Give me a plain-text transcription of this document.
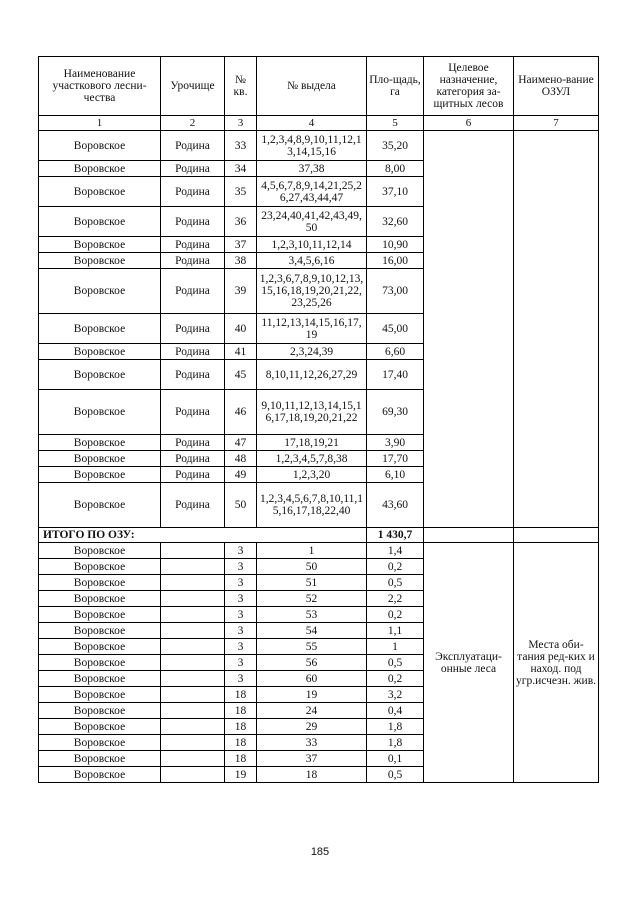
Наименование участкового лесни-чества	Урочище	№ кв.	№ выдела	Пло-щадь, га	Целевое назначение, категория за-щитных лесов	Наимено-вание ОЗУЛ
1	2	3	4	5	6	7
Воровское	Родина	33	1,2,3,4,8,9,10,11,12,13,14,15,16	35,20		
Воровское	Родина	34	37,38	8,00		
Воровское	Родина	35	4,5,6,7,8,9,14,21,25,26,27,43,44,47	37,10		
Воровское	Родина	36	23,24,40,41,42,43,49,50	32,60		
Воровское	Родина	37	1,2,3,10,11,12,14	10,90		
Воровское	Родина	38	3,4,5,6,16	16,00		
Воровское	Родина	39	1,2,3,6,7,8,9,10,12,13,15,16,18,19,20,21,22,23,25,26	73,00		
Воровское	Родина	40	11,12,13,14,15,16,17,19	45,00		
Воровское	Родина	41	2,3,24,39	6,60		
Воровское	Родина	45	8,10,11,12,26,27,29	17,40		
Воровское	Родина	46	9,10,11,12,13,14,15,16,17,18,19,20,21,22	69,30		
Воровское	Родина	47	17,18,19,21	3,90		
Воровское	Родина	48	1,2,3,4,5,7,8,38	17,70		
Воровское	Родина	49	1,2,3,20	6,10		
Воровское	Родина	50	1,2,3,4,5,6,7,8,10,11,15,16,17,18,22,40	43,60		
ИТОГО ПО ОЗУ:				1 430,7		
Воровское		3	1	1,4	Эксплуатаци-онные леса	Места оби-тания ред-ких и наход. под угр.исчезн. жив.
Воровское		3	50	0,2		
Воровское		3	51	0,5		
Воровское		3	52	2,2		
Воровское		3	53	0,2		
Воровское		3	54	1,1		
Воровское		3	55	1		
Воровское		3	56	0,5		
Воровское		3	60	0,2		
Воровское		18	19	3,2		
Воровское		18	24	0,4		
Воровское		18	29	1,8		
Воровское		18	33	1,8		
Воровское		18	37	0,1		
Воровское		19	18	0,5		
185
